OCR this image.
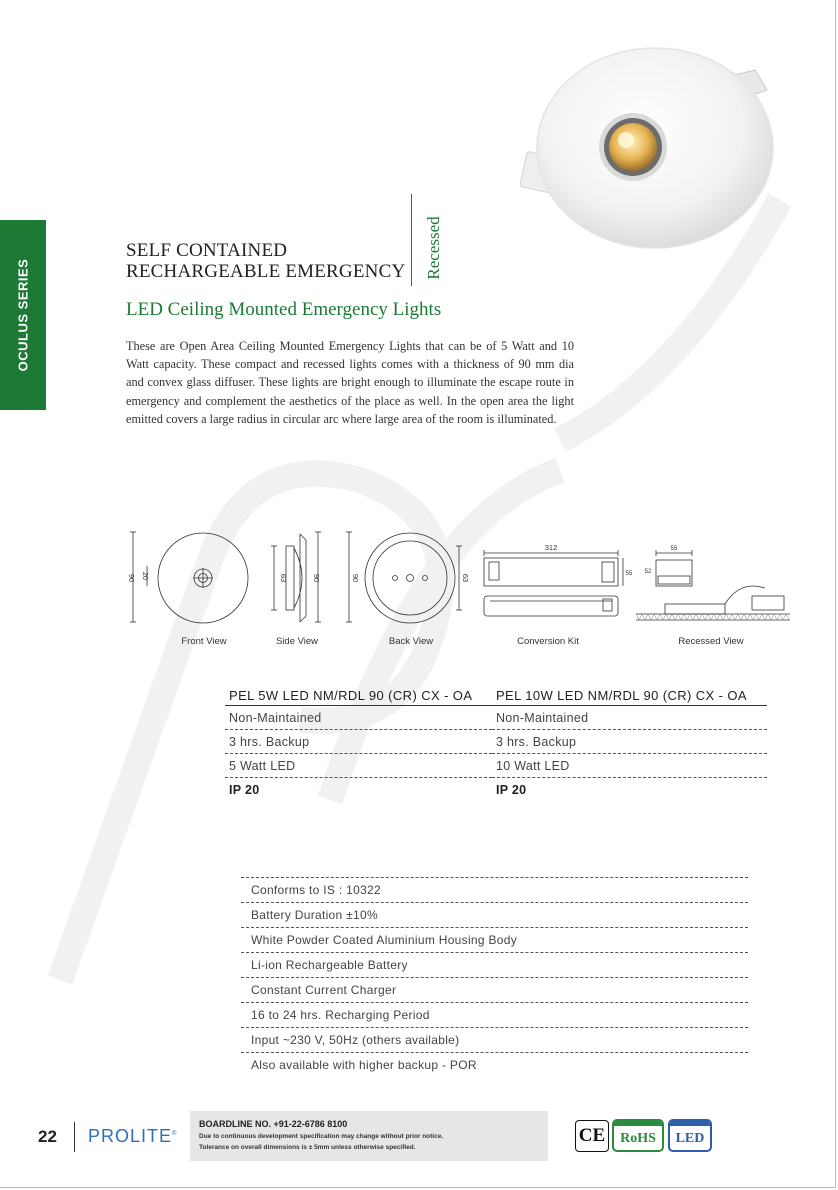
OCULUS SERIES
SELF CONTAINED
RECHARGEABLE EMERGENCY Recessed
LED Ceiling Mounted Emergency Lights

These are Open Area Ceiling Mounted Emergency Lights that can be of 5 Watt and 10 Watt capacity. These compact and recessed lights comes with a thickness of 90 mm dia and convex glass diffuser. These lights are bright enough to illuminate the escape route in emergency and complement the aesthetics of the place as well. In the open area the light emitted covers a large radius in circular arc where large area of the room is illuminated.

90 20	63	90	90	63
312
55
55
52
Front View	Side View	Back View	Conversion Kit	Recessed View
PEL 5W LED NM/RDL 90 (CR) CX - OA	PEL 10W LED NM/RDL 90 (CR) CX - OA
Non-Maintained	Non-Maintained
3 hrs. Backup	3 hrs. Backup
5 Watt LED	10 Watt LED
IP 20	IP 20
Conforms to IS : 10322
Battery Duration ±10%
White Powder Coated Aluminium Housing Body
Li-ion Rechargeable Battery
Constant Current Charger
16 to 24 hrs. Recharging Period
Input ~230 V, 50Hz (others available)
Also available with higher backup - POR
22 PROLITE®
BOARDLINE NO. +91-22-6786 8100
Due to continuous development specification may change without prior notice.
Tolerance on overall dimensions is ± 5mm unless otherwise specified.
CE	RoHS	LED
